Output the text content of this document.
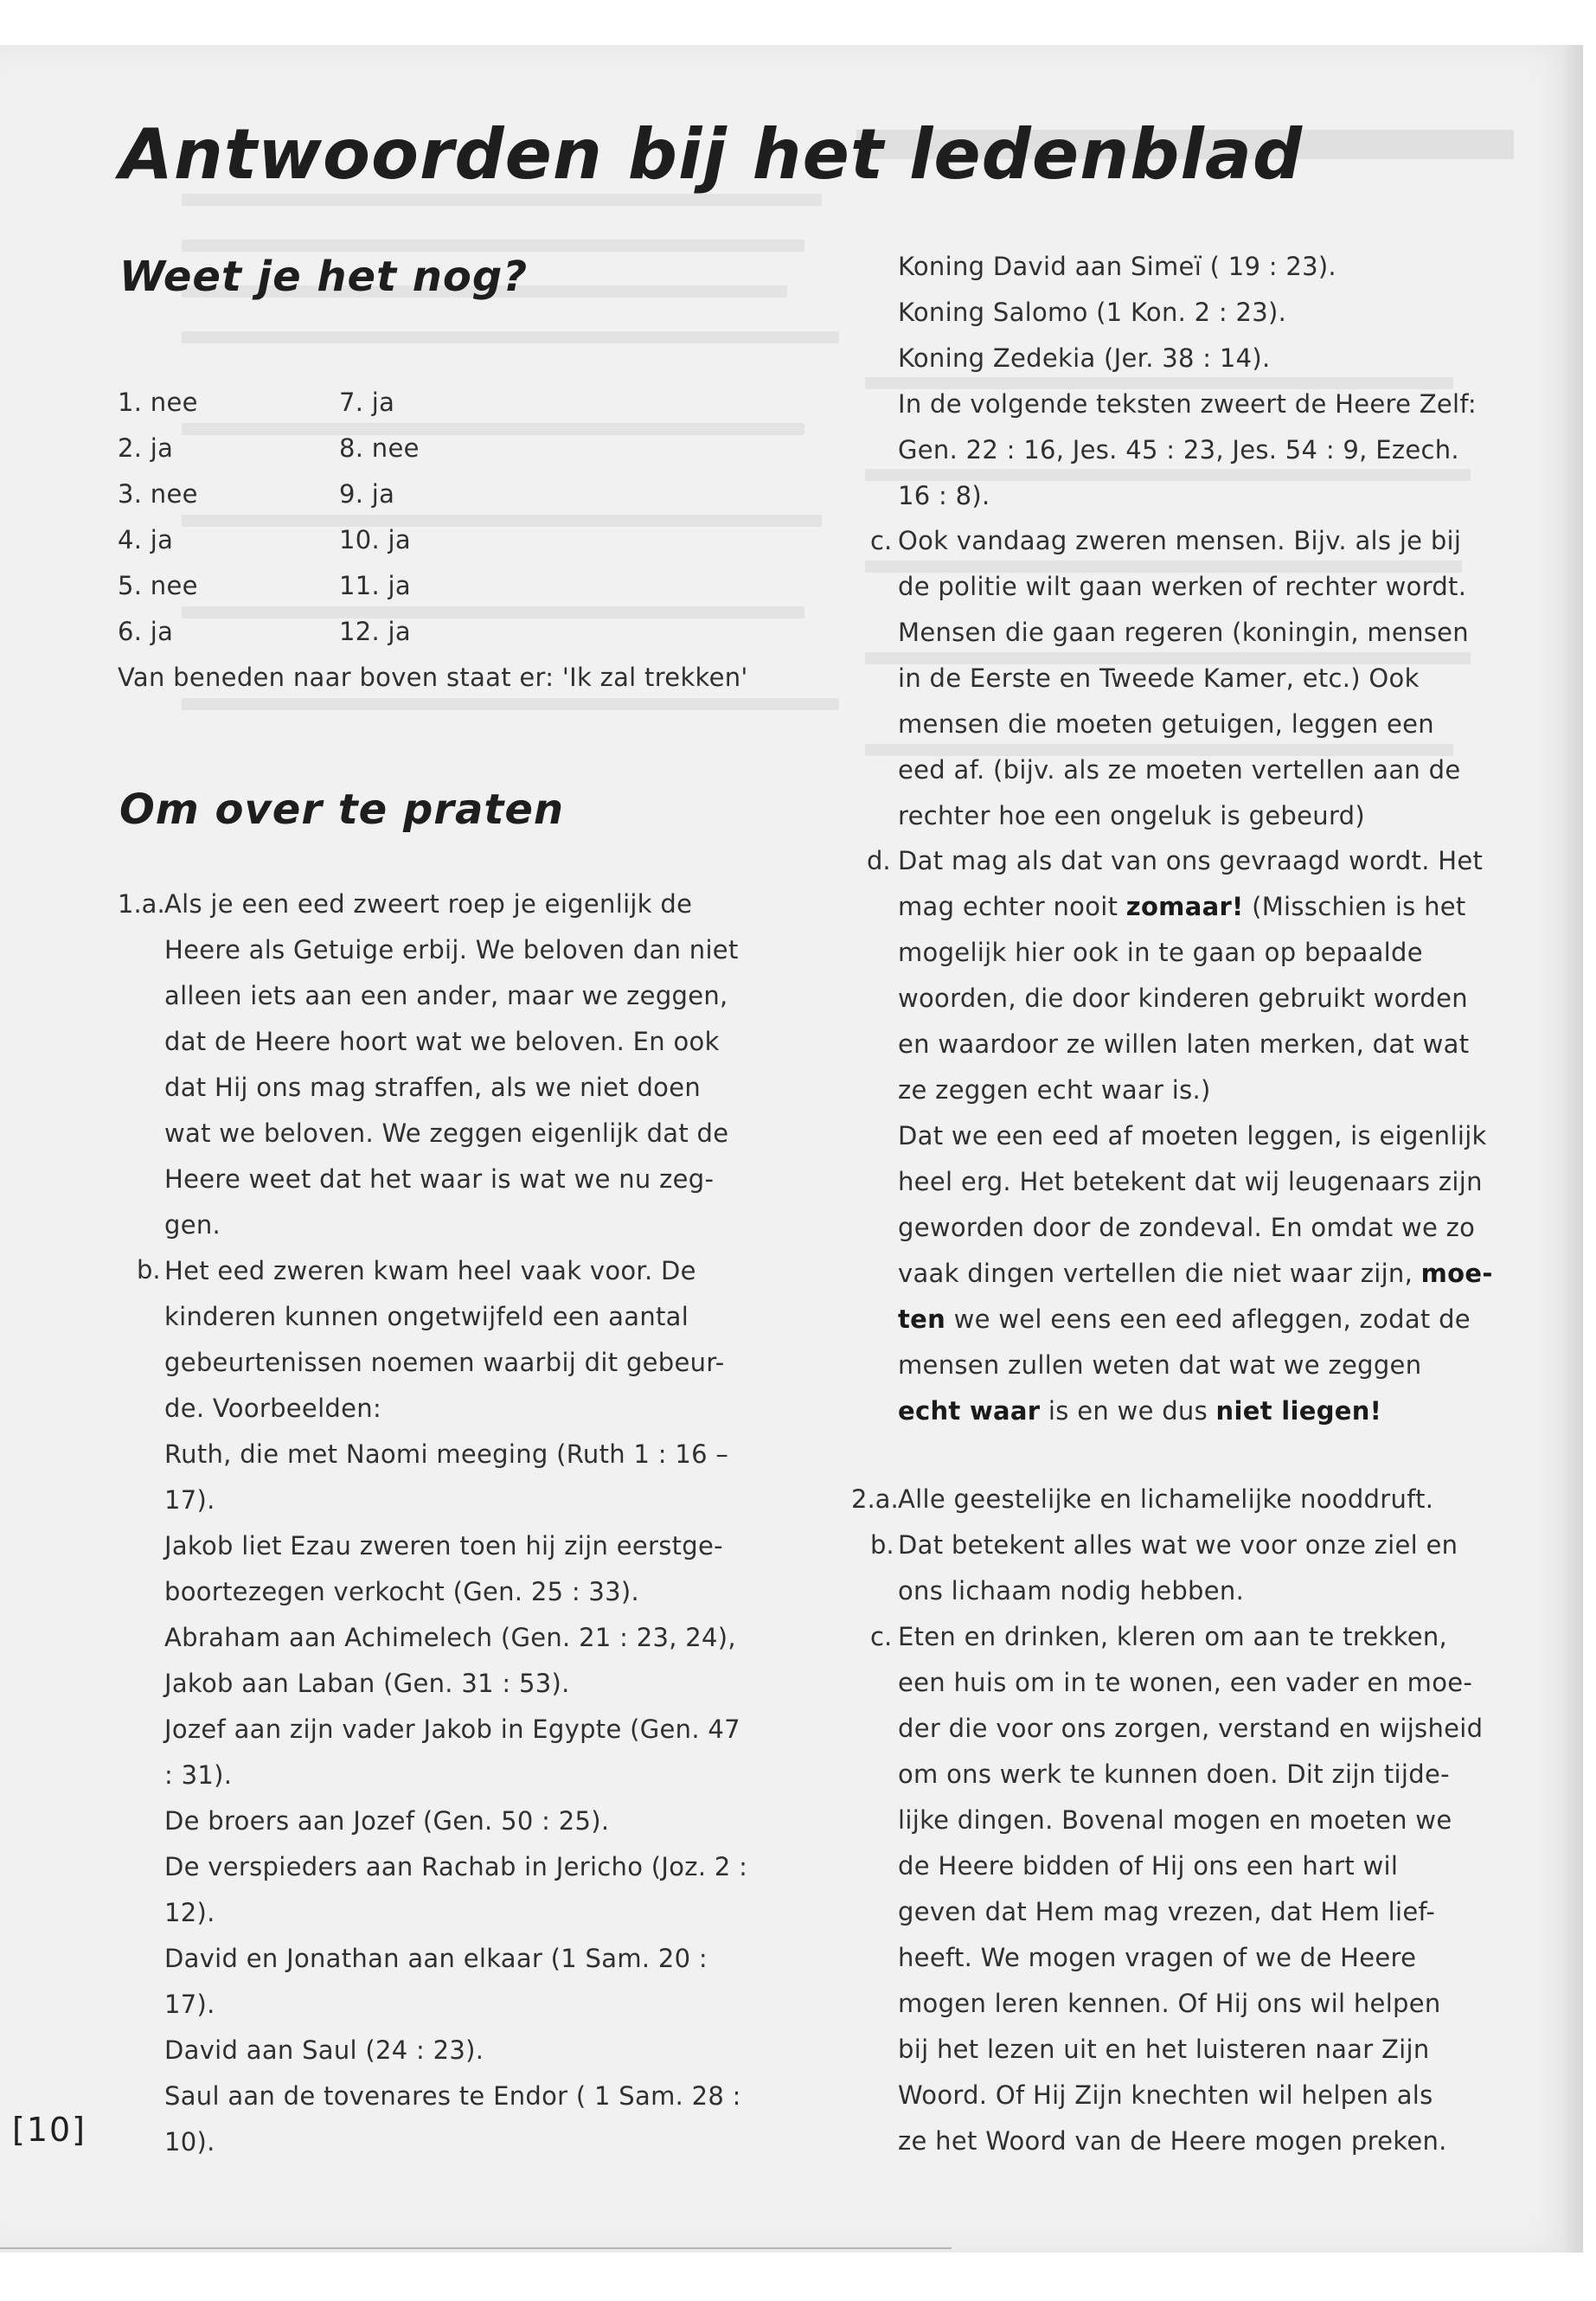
Antwoorden bij het ledenblad
Weet je het nog?
1. nee
2. ja
3. nee
4. ja
5. nee
6. ja
7. ja
8. nee
9. ja
10. ja
11. ja
12. ja
Van beneden naar boven staat er: 'Ik zal trekken'
Om over te praten
1.a.
b.
Als je een eed zweert roep je eigenlijk de
Heere als Getuige erbij. We beloven dan niet
alleen iets aan een ander, maar we zeggen,
dat de Heere hoort wat we beloven. En ook
dat Hij ons mag straffen, als we niet doen
wat we beloven. We zeggen eigenlijk dat de
Heere weet dat het waar is wat we nu zeg-
gen.
Het eed zweren kwam heel vaak voor. De
kinderen kunnen ongetwijfeld een aantal
gebeurtenissen noemen waarbij dit gebeur-
de. Voorbeelden:
Ruth, die met Naomi meeging (Ruth 1 : 16 –
17).
Jakob liet Ezau zweren toen hij zijn eerstge-
boortezegen verkocht (Gen. 25 : 33).
Abraham aan Achimelech (Gen. 21 : 23, 24),
Jakob aan Laban (Gen. 31 : 53).
Jozef aan zijn vader Jakob in Egypte (Gen. 47
: 31).
De broers aan Jozef (Gen. 50 : 25).
De verspieders aan Rachab in Jericho (Joz. 2 :
12).
David en Jonathan aan elkaar (1 Sam. 20 :
17).
David aan Saul (24 : 23).
Saul aan de tovenares te Endor ( 1 Sam. 28 :
10).
c.
d.
2.a.
b.
c.
Koning David aan Simeï ( 19 : 23).
Koning Salomo (1 Kon. 2 : 23).
Koning Zedekia (Jer. 38 : 14).
In de volgende teksten zweert de Heere Zelf:
Gen. 22 : 16, Jes. 45 : 23, Jes. 54 : 9, Ezech.
16 : 8).
Ook vandaag zweren mensen. Bijv. als je bij
de politie wilt gaan werken of rechter wordt.
Mensen die gaan regeren (koningin, mensen
in de Eerste en Tweede Kamer, etc.) Ook
mensen die moeten getuigen, leggen een
eed af. (bijv. als ze moeten vertellen aan de
rechter hoe een ongeluk is gebeurd)
Dat mag als dat van ons gevraagd wordt. Het
mag echter nooit zomaar! (Misschien is het
mogelijk hier ook in te gaan op bepaalde
woorden, die door kinderen gebruikt worden
en waardoor ze willen laten merken, dat wat
ze zeggen echt waar is.)
Dat we een eed af moeten leggen, is eigenlijk
heel erg. Het betekent dat wij leugenaars zijn
geworden door de zondeval. En omdat we zo
vaak dingen vertellen die niet waar zijn, moe-
ten we wel eens een eed afleggen, zodat de
mensen zullen weten dat wat we zeggen
echt waar is en we dus niet liegen!
Alle geestelijke en lichamelijke nooddruft.
Dat betekent alles wat we voor onze ziel en
ons lichaam nodig hebben.
Eten en drinken, kleren om aan te trekken,
een huis om in te wonen, een vader en moe-
der die voor ons zorgen, verstand en wijsheid
om ons werk te kunnen doen. Dit zijn tijde-
lijke dingen. Bovenal mogen en moeten we
de Heere bidden of Hij ons een hart wil
geven dat Hem mag vrezen, dat Hem lief-
heeft. We mogen vragen of we de Heere
mogen leren kennen. Of Hij ons wil helpen
bij het lezen uit en het luisteren naar Zijn
Woord. Of Hij Zijn knechten wil helpen als
ze het Woord van de Heere mogen preken.
[10]
